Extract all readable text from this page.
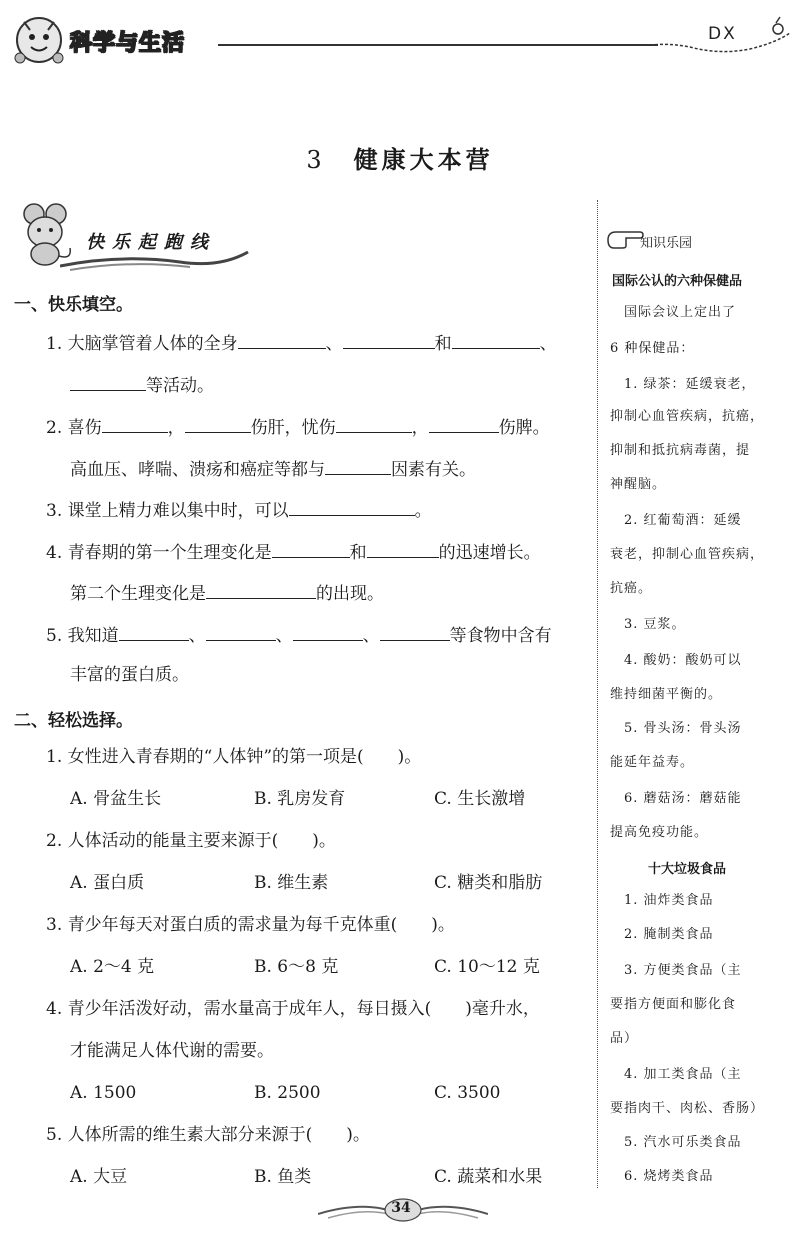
科学与生活	DX
3 健康大本营
快乐起跑线
一、快乐填空。
1. 大脑掌管着人体的全身	、	和	、
等活动。
2. 喜伤	，	伤肝，忧伤	，	伤脾。
高血压、哮喘、溃疡和癌症等都与	因素有关。
3. 课堂上精力难以集中时，可以	。
4. 青春期的第一个生理变化是	和	的迅速增长。
第二个生理变化是	的出现。
5. 我知道	、	、	、	等食物中含有
丰富的蛋白质。
二、轻松选择。
1. 女性进入青春期的“人体钟”的第一项是(　　)。
A. 骨盆生长	B. 乳房发育	C. 生长激增
2. 人体活动的能量主要来源于(　　)。
A. 蛋白质	B. 维生素	C. 糖类和脂肪
3. 青少年每天对蛋白质的需求量为每千克体重(　　)。
A. 2～4 克	B. 6～8 克	C. 10～12 克
4. 青少年活泼好动，需水量高于成年人，每日摄入(　　)毫升水，
才能满足人体代谢的需要。
A. 1500	B. 2500	C. 3500
5. 人体所需的维生素大部分来源于(　　)。
A. 大豆	B. 鱼类	C. 蔬菜和水果
知识乐园
国际公认的六种保健品
　国际会议上定出了
6 种保健品：
　1. 绿茶：延缓衰老，
抑制心血管疾病，抗癌，
抑制和抵抗病毒菌，提
神醒脑。
　2. 红葡萄酒：延缓
衰老，抑制心血管疾病，
抗癌。
　3. 豆浆。
　4. 酸奶：酸奶可以
维持细菌平衡的。
　5. 骨头汤：骨头汤
能延年益寿。
　6. 蘑菇汤：蘑菇能
提高免疫功能。
十大垃圾食品
　1. 油炸类食品
　2. 腌制类食品
　3. 方便类食品（主
要指方便面和膨化食
品）
　4. 加工类食品（主
要指肉干、肉松、香肠）
　5. 汽水可乐类食品
　6. 烧烤类食品
34
